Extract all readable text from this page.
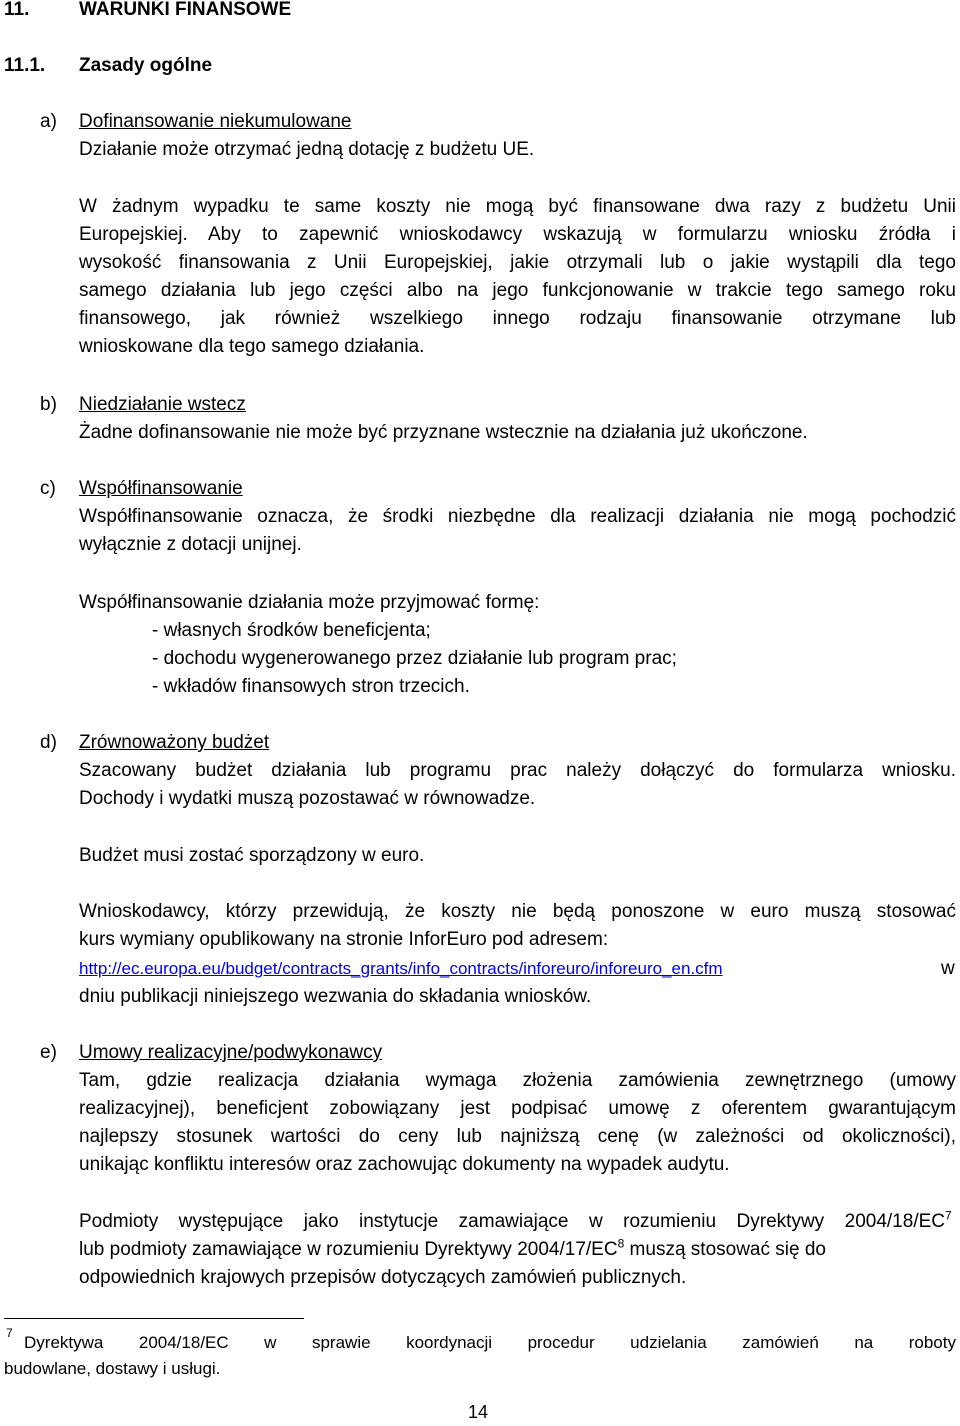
11.	WARUNKI FINANSOWE
11.1. Zasady ogólne
a) Dofinansowanie niekumulowane
Działanie może otrzymać jedną dotację z budżetu UE.
W żadnym wypadku te same koszty nie mogą być finansowane dwa razy z budżetu Unii
Europejskiej. Aby to zapewnić wnioskodawcy wskazują w formularzu wniosku źródła i
wysokość finansowania z Unii Europejskiej, jakie otrzymali lub o jakie wystąpili dla tego
samego działania lub jego części albo na jego funkcjonowanie w trakcie tego samego roku
finansowego, jak również wszelkiego innego rodzaju finansowanie otrzymane lub
wnioskowane dla tego samego działania.
b) Niedziałanie wstecz
Żadne dofinansowanie nie może być przyznane wstecznie na działania już ukończone.
c) Współfinansowanie
Współfinansowanie oznacza, że środki niezbędne dla realizacji działania nie mogą pochodzić
wyłącznie z dotacji unijnej.
Współfinansowanie działania może przyjmować formę:
- własnych środków beneficjenta;
- dochodu wygenerowanego przez działanie lub program prac;
- wkładów finansowych stron trzecich.
d) Zrównoważony budżet
Szacowany budżet działania lub programu prac należy dołączyć do formularza wniosku.
Dochody i wydatki muszą pozostawać w równowadze.
Budżet musi zostać sporządzony w euro.
Wnioskodawcy, którzy przewidują, że koszty nie będą ponoszone w euro muszą stosować
kurs wymiany opublikowany na stronie InforEuro pod adresem:
http://ec.europa.eu/budget/contracts_grants/info_contracts/inforeuro/inforeuro_en.cfm	w
dniu publikacji niniejszego wezwania do składania wniosków.
e) Umowy realizacyjne/podwykonawcy
Tam, gdzie realizacja działania wymaga złożenia zamówienia zewnętrznego (umowy
realizacyjnej), beneficjent zobowiązany jest podpisać umowę z oferentem gwarantującym
najlepszy stosunek wartości do ceny lub najniższą cenę (w zależności od okoliczności),
unikając konfliktu interesów oraz zachowując dokumenty na wypadek audytu.
Podmioty występujące jako instytucje zamawiające w rozumieniu Dyrektywy $2004/18/EC^7$
lub podmioty zamawiające w rozumieniu Dyrektywy $2004/17/EC^8$ muszą stosować się do
odpowiednich krajowych przepisów dotyczących zamówień publicznych.
7 Dyrektywa 2004/18/EC w sprawie koordynacji procedur udzielania zamówień na roboty
budowlane, dostawy i usługi.
14
